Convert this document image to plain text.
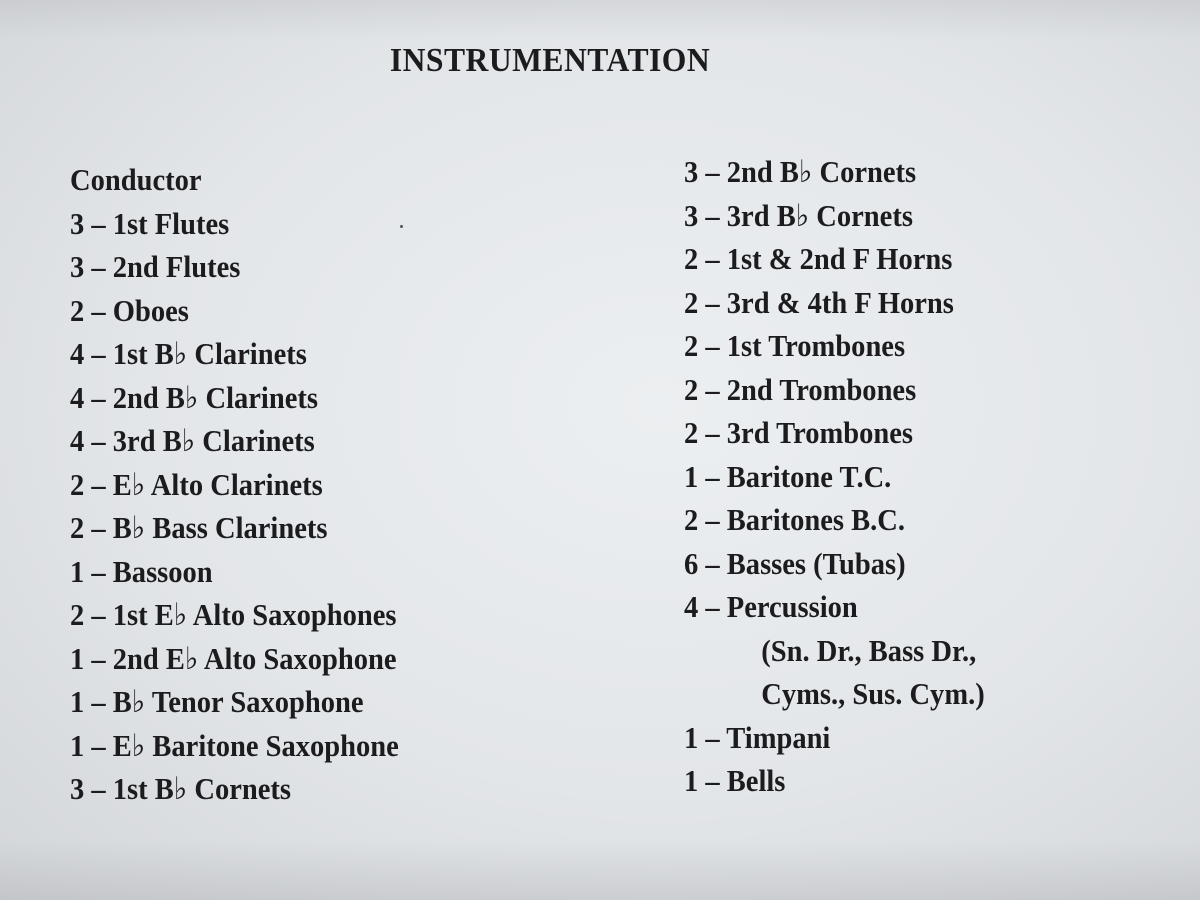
INSTRUMENTATION
Conductor
3 – 1st Flutes
3 – 2nd Flutes
2 – Oboes
4 – 1st B♭ Clarinets
4 – 2nd B♭ Clarinets
4 – 3rd B♭ Clarinets
2 – E♭ Alto Clarinets
2 – B♭ Bass Clarinets
1 – Bassoon
2 – 1st E♭ Alto Saxophones
1 – 2nd E♭ Alto Saxophone
1 – B♭ Tenor Saxophone
1 – E♭ Baritone Saxophone
3 – 1st B♭ Cornets
3 – 2nd B♭ Cornets
3 – 3rd B♭ Cornets
2 – 1st & 2nd F Horns
2 – 3rd & 4th F Horns
2 – 1st Trombones
2 – 2nd Trombones
2 – 3rd Trombones
1 – Baritone T.C.
2 – Baritones B.C.
6 – Basses (Tubas)
4 – Percussion
(Sn. Dr., Bass Dr.,
Cyms., Sus. Cym.)
1 – Timpani
1 – Bells
